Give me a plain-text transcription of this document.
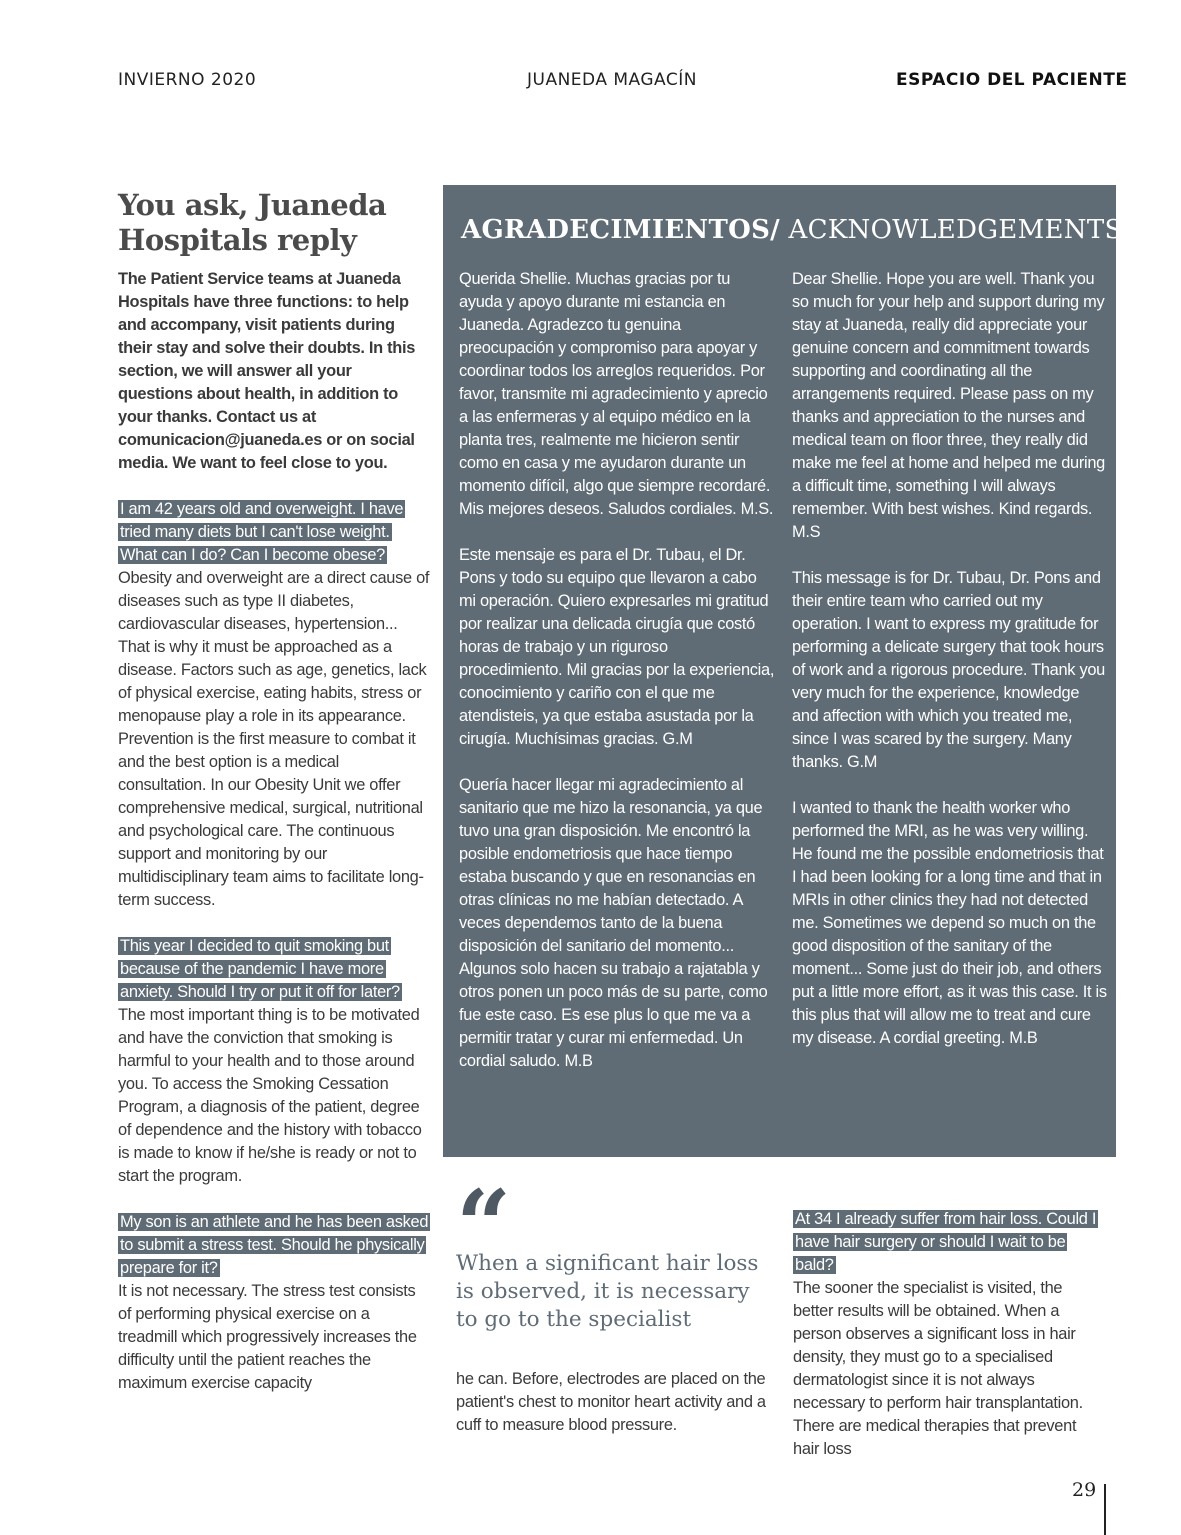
INVIERNO 2020	JUANEDA MAGACÍN	ESPACIO DEL PACIENTE
You ask, Juaneda Hospitals reply

The Patient Service teams at Juaneda Hospitals have three functions: to help and accompany, visit patients during their stay and solve their doubts. In this section, we will answer all your questions about health, in addition to your thanks. Contact us at comunicacion@juaneda.es or on social media. We want to feel close to you.

I am 42 years old and overweight. I have tried many diets but I can't lose weight. What can I do? Can I become obese?

Obesity and overweight are a direct cause of diseases such as type II diabetes, cardiovascular diseases, hypertension... That is why it must be approached as a disease. Factors such as age, genetics, lack of physical exercise, eating habits, stress or menopause play a role in its appearance. Prevention is the first measure to combat it and the best option is a medical consultation. In our Obesity Unit we offer comprehensive medical, surgical, nutritional and psychological care. The continuous support and monitoring by our multidisciplinary team aims to facilitate long-term success.

This year I decided to quit smoking but because of the pandemic I have more anxiety. Should I try or put it off for later?

The most important thing is to be motivated and have the conviction that smoking is harmful to your health and to those around you. To access the Smoking Cessation Program, a diagnosis of the patient, degree of dependence and the history with tobacco is made to know if he/she is ready or not to start the program.

My son is an athlete and he has been asked to submit a stress test. Should he physically prepare for it?

It is not necessary. The stress test consists of performing physical exercise on a treadmill which progressively increases the difficulty until the patient reaches the maximum exercise capacity

AGRADECIMIENTOS/ ACKNOWLEDGEMENTS

Querida Shellie. Muchas gracias por tu ayuda y apoyo durante mi estancia en Juaneda. Agradezco tu genuina preocupación y compromiso para apoyar y coordinar todos los arreglos requeridos. Por favor, transmite mi agradecimiento y aprecio a las enfermeras y al equipo médico en la planta tres, realmente me hicieron sentir como en casa y me ayudaron durante un momento difícil, algo que siempre recordaré. Mis mejores deseos. Saludos cordiales. M.S.

Este mensaje es para el Dr. Tubau, el Dr. Pons y todo su equipo que llevaron a cabo mi operación. Quiero expresarles mi gratitud por realizar una delicada cirugía que costó horas de trabajo y un riguroso procedimiento. Mil gracias por la experiencia, conocimiento y cariño con el que me atendisteis, ya que estaba asustada por la cirugía. Muchísimas gracias. G.M

Quería hacer llegar mi agradecimiento al sanitario que me hizo la resonancia, ya que tuvo una gran disposición. Me encontró la posible endometriosis que hace tiempo estaba buscando y que en resonancias en otras clínicas no me habían detectado. A veces dependemos tanto de la buena disposición del sanitario del momento... Algunos solo hacen su trabajo a rajatabla y otros ponen un poco más de su parte, como fue este caso. Es ese plus lo que me va a permitir tratar y curar mi enfermedad. Un cordial saludo. M.B

Dear Shellie. Hope you are well. Thank you so much for your help and support during my stay at Juaneda, really did appreciate your genuine concern and commitment towards supporting and coordinating all the arrangements required. Please pass on my thanks and appreciation to the nurses and medical team on floor three, they really did make me feel at home and helped me during a difficult time, something I will always remember. With best wishes. Kind regards. M.S

This message is for Dr. Tubau, Dr. Pons and their entire team who carried out my operation. I want to express my gratitude for performing a delicate surgery that took hours of work and a rigorous procedure. Thank you very much for the experience, knowledge and affection with which you treated me, since I was scared by the surgery. Many thanks. G.M

I wanted to thank the health worker who performed the MRI, as he was very willing. He found me the possible endometriosis that I had been looking for a long time and that in MRIs in other clinics they had not detected me. Sometimes we depend so much on the good disposition of the sanitary of the moment... Some just do their job, and others put a little more effort, as it was this case. It is this plus that will allow me to treat and cure my disease. A cordial greeting. M.B

“
When a significant hair loss is observed, it is necessary to go to the specialist
he can. Before, electrodes are placed on the patient's chest to monitor heart activity and a cuff to measure blood pressure.

At 34 I already suffer from hair loss. Could I have hair surgery or should I wait to be bald?

The sooner the specialist is visited, the better results will be obtained. When a person observes a significant loss in hair density, they must go to a specialised dermatologist since it is not always necessary to perform hair transplantation. There are medical therapies that prevent hair loss

29
